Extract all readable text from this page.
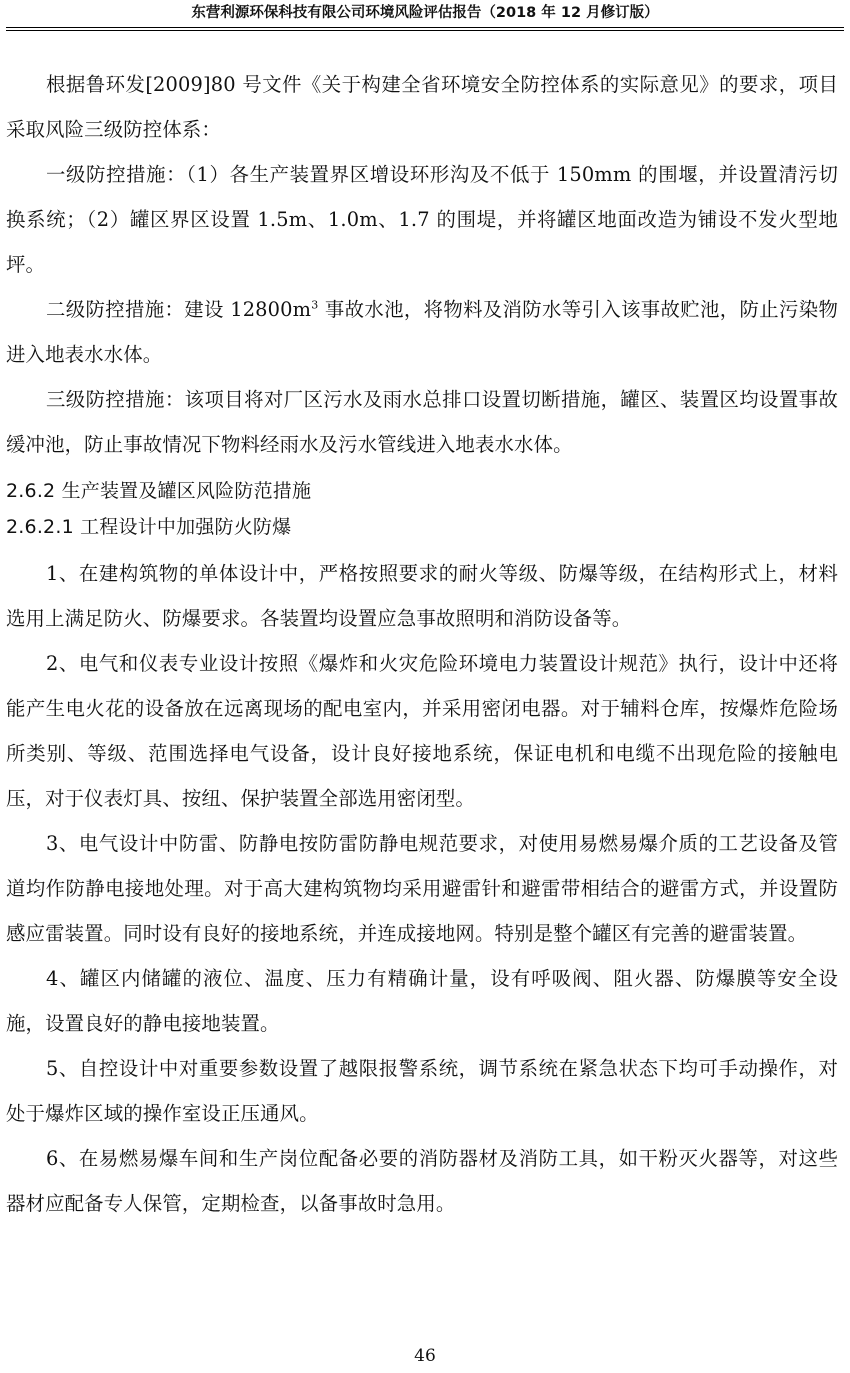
东营利源环保科技有限公司环境风险评估报告（2018 年 12 月修订版）

根据鲁环发[2009]80 号文件《关于构建全省环境安全防控体系的实际意见》的要求，项目采取风险三级防控体系：

一级防控措施：（1）各生产装置界区增设环形沟及不低于 150mm 的围堰，并设置清污切换系统；（2）罐区界区设置 1.5m、1.0m、1.7 的围堤，并将罐区地面改造为铺设不发火型地坪。

二级防控措施：建设 $12800m^3$ 事故水池，将物料及消防水等引入该事故贮池，防止污染物进入地表水水体。

三级防控措施：该项目将对厂区污水及雨水总排口设置切断措施，罐区、装置区均设置事故缓冲池，防止事故情况下物料经雨水及污水管线进入地表水水体。

2.6.2 生产装置及罐区风险防范措施
2.6.2.1 工程设计中加强防火防爆

1、在建构筑物的单体设计中，严格按照要求的耐火等级、防爆等级，在结构形式上，材料选用上满足防火、防爆要求。各装置均设置应急事故照明和消防设备等。

2、电气和仪表专业设计按照《爆炸和火灾危险环境电力装置设计规范》执行，设计中还将能产生电火花的设备放在远离现场的配电室内，并采用密闭电器。对于辅料仓库，按爆炸危险场所类别、等级、范围选择电气设备，设计良好接地系统，保证电机和电缆不出现危险的接触电压，对于仪表灯具、按纽、保护装置全部选用密闭型。

3、电气设计中防雷、防静电按防雷防静电规范要求，对使用易燃易爆介质的工艺设备及管道均作防静电接地处理。对于高大建构筑物均采用避雷针和避雷带相结合的避雷方式，并设置防感应雷装置。同时设有良好的接地系统，并连成接地网。特别是整个罐区有完善的避雷装置。

4、罐区内储罐的液位、温度、压力有精确计量，设有呼吸阀、阻火器、防爆膜等安全设施，设置良好的静电接地装置。

5、自控设计中对重要参数设置了越限报警系统，调节系统在紧急状态下均可手动操作，对处于爆炸区域的操作室设正压通风。

6、在易燃易爆车间和生产岗位配备必要的消防器材及消防工具，如干粉灭火器等，对这些器材应配备专人保管，定期检查，以备事故时急用。

46
